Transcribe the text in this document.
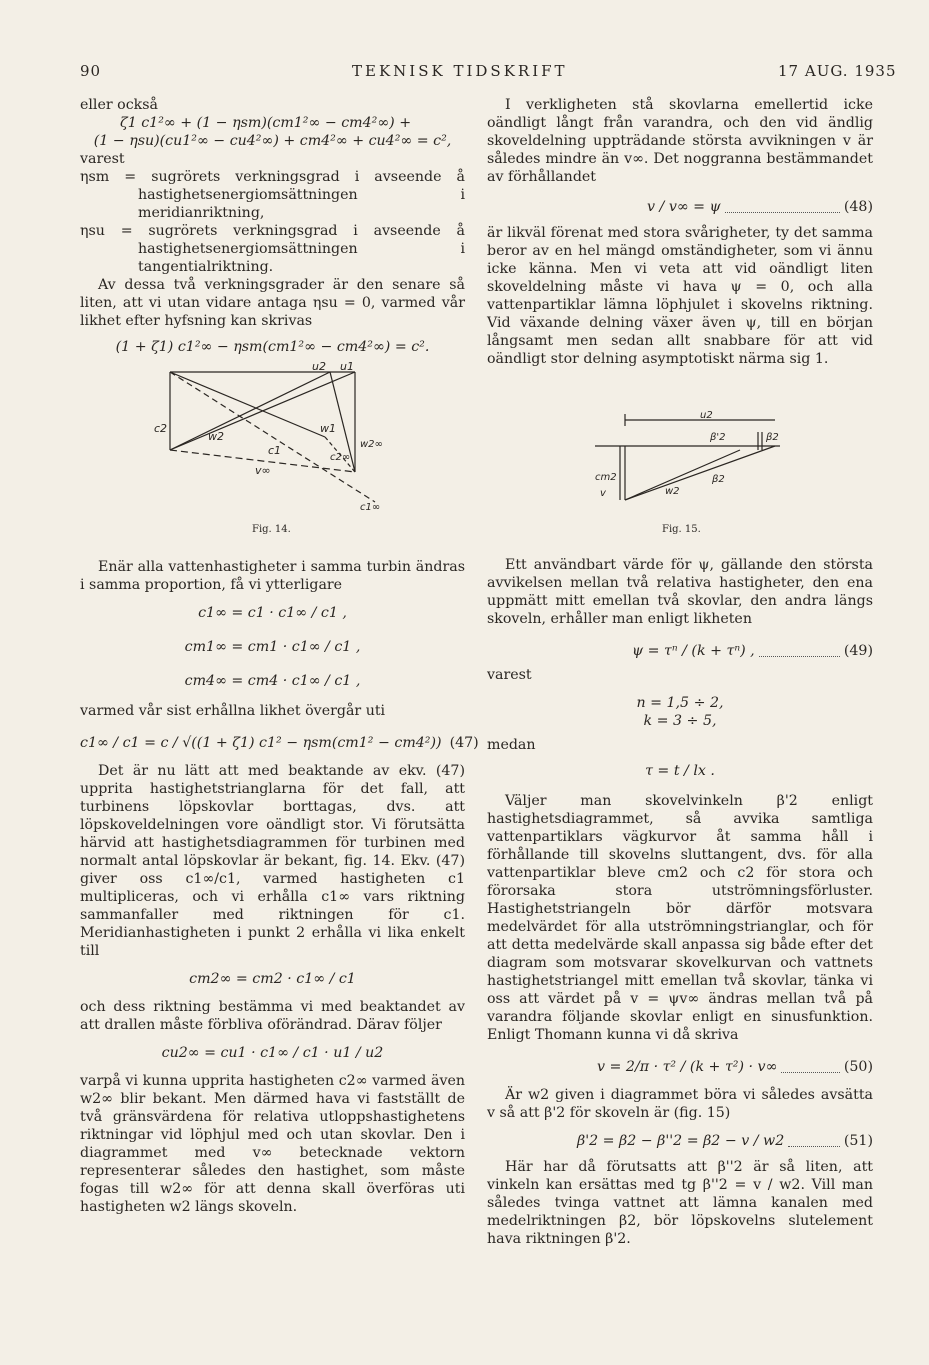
90	TEKNISK TIDSKRIFT	17 AUG. 1935

eller också

ζ1 c1²∞ + (1 − ηsm)(cm1²∞ − cm4²∞) +

(1 − ηsu)(cu1²∞ − cu4²∞) + cm4²∞ + cu4²∞ = c²,

varest

ηsm = sugrörets verkningsgrad i avseende å hastighetsenergiomsättningen i meridianriktning,

ηsu = sugrörets verkningsgrad i avseende å hastighetsenergiomsättningen i tangentialriktning.

Av dessa två verkningsgrader är den senare så liten, att vi utan vidare antaga ηsu = 0, varmed vår likhet efter hyfsning kan skrivas

(1 + ζ1) c1²∞ − ηsm(cm1²∞ − cm4²∞) = c².

u2 u1
c2
w2
c1
w1
w2∞
c2∞
v∞
c1∞
Fig. 14.

Enär alla vattenhastigheter i samma turbin ändras i samma proportion, få vi ytterligare

c1∞ = c1 · c1∞ / c1 ,

cm1∞ = cm1 · c1∞ / c1 ,

cm4∞ = cm4 · c1∞ / c1 ,

varmed vår sist erhållna likhet övergår uti

c1∞ / c1 = c / √((1 + ζ1) c1² − ηsm(cm1² − cm4²)) (47)

Det är nu lätt att med beaktande av ekv. (47) upprita hastighetstrianglarna för det fall, att turbinens löpskovlar borttagas, dvs. att löpskoveldelningen vore oändligt stor. Vi förutsätta härvid att hastighetsdiagrammen för turbinen med normalt antal löpskovlar är bekant, fig. 14. Ekv. (47) giver oss c1∞/c1, varmed hastigheten c1 multipliceras, och vi erhålla c1∞ vars riktning sammanfaller med riktningen för c1. Meridianhastigheten i punkt 2 erhålla vi lika enkelt till

cm2∞ = cm2 · c1∞ / c1

och dess riktning bestämma vi med beaktandet av att drallen måste förbliva oförändrad. Därav följer

cu2∞ = cu1 · c1∞ / c1 · u1 / u2

varpå vi kunna upprita hastigheten c2∞ varmed även w2∞ blir bekant. Men därmed hava vi fastställt de två gränsvärdena för relativa utloppshastighetens riktningar vid löphjul med och utan skovlar. Den i diagrammet med v∞ betecknade vektorn representerar således den hastighet, som måste fogas till w2∞ för att denna skall överföras uti hastigheten w2 längs skoveln.

I verkligheten stå skovlarna emellertid icke oändligt långt från varandra, och den vid ändlig skoveldelning uppträdande största avvikningen v är således mindre än v∞. Det noggranna bestämmandet av förhållandet

v / v∞ = ψ	(48)

är likväl förenat med stora svårigheter, ty det samma beror av en hel mängd omständigheter, som vi ännu icke känna. Men vi veta att vid oändligt liten skoveldelning måste vi hava ψ = 0, och alla vattenpartiklar lämna löphjulet i skovelns riktning. Vid växande delning växer även ψ, till en början långsamt men sedan allt snabbare för att vid oändligt stor delning asymptotiskt närma sig 1.

u2
β'2	β2
cm2
v	w2
β2
Fig. 15.

Ett användbart värde för ψ, gällande den största avvikelsen mellan två relativa hastigheter, den ena uppmätt mitt emellan två skovlar, den andra längs skoveln, erhåller man enligt likheten

ψ = τⁿ / (k + τⁿ) ,	(49)

varest

n = 1,5 ÷ 2,

k = 3 ÷ 5,

medan

τ = t / lx .

Väljer man skovelvinkeln β'2 enligt hastighetsdiagrammet, så avvika samtliga vattenpartiklars vägkurvor åt samma håll i förhållande till skovelns sluttangent, dvs. för alla vattenpartiklar bleve cm2 och c2 för stora och förorsaka stora utströmningsförluster. Hastighetstriangeln bör därför motsvara medelvärdet för alla utströmningstrianglar, och för att detta medelvärde skall anpassa sig både efter det diagram som motsvarar skovelkurvan och vattnets hastighetstriangel mitt emellan två skovlar, tänka vi oss att värdet på v = ψv∞ ändras mellan två på varandra följande skovlar enligt en sinusfunktion. Enligt Thomann kunna vi då skriva

v = 2/π · τ² / (k + τ²) · v∞	(50)

Är w2 given i diagrammet böra vi således avsätta v så att β'2 för skoveln är (fig. 15)

β'2 = β2 − β''2 = β2 − v / w2	(51)

Här har då förutsatts att β''2 är så liten, att vinkeln kan ersättas med tg β''2 = v / w2. Vill man således tvinga vattnet att lämna kanalen med medelriktningen β2, bör löpskovelns slutelement hava riktningen β'2.
